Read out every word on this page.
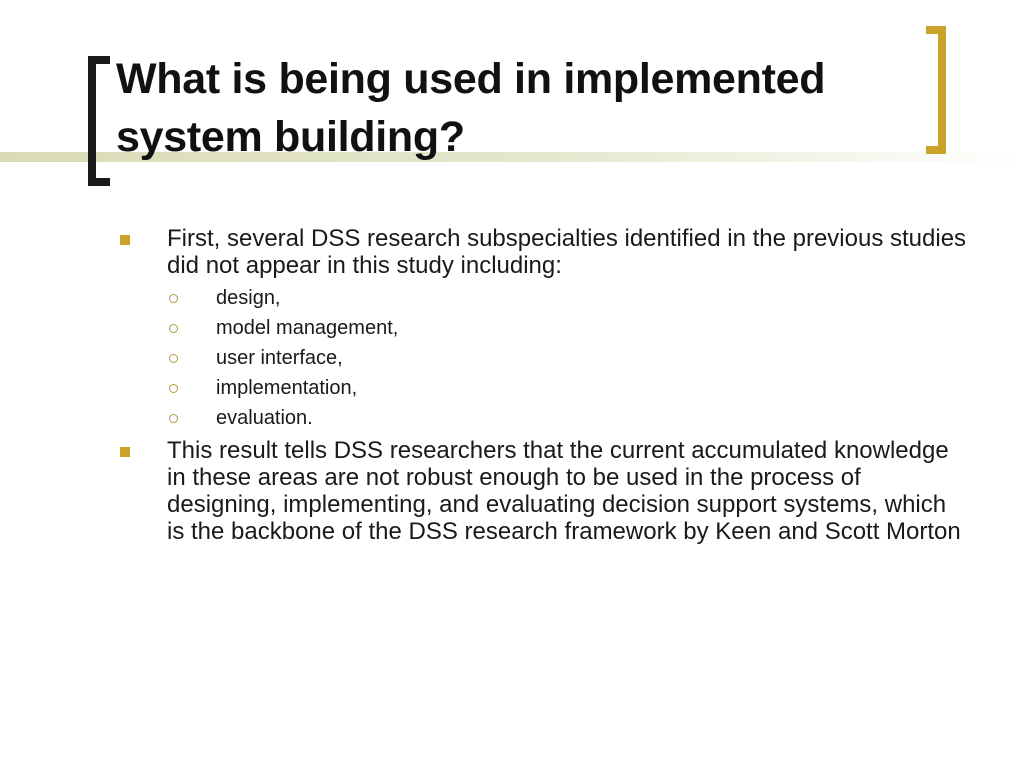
What is being used in implemented system building?
First, several DSS research subspecialties identified in the previous studies did not appear in this study including:
design,
model management,
user interface,
implementation,
evaluation.
This result tells DSS researchers that the current accumulated knowledge in these areas are not robust enough to be used in the process of designing, implementing, and evaluating decision support systems, which is the backbone of the DSS research framework by Keen and Scott Morton
